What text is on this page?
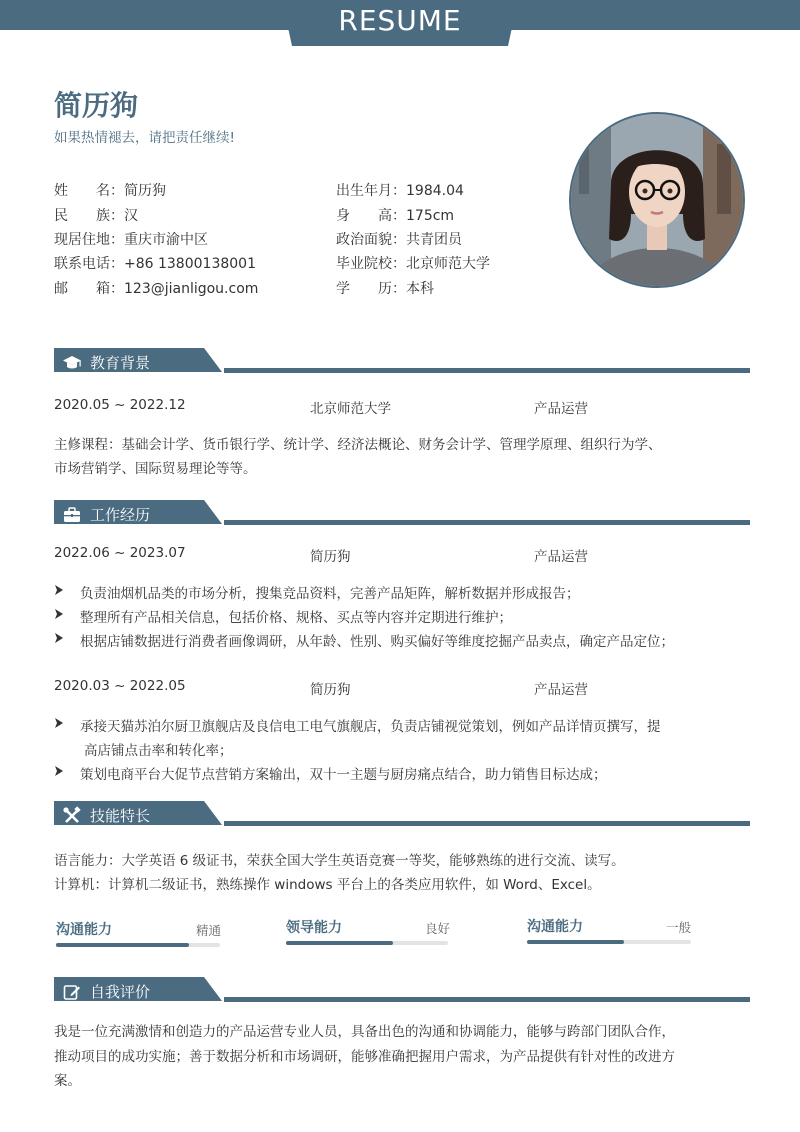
RESUME
简历狗
如果热情褪去，请把责任继续!
姓　　名：简历狗
民　　族：汉
现居住地：重庆市渝中区
联系电话：+86 13800138001
邮　　箱：123@jianligou.com
出生年月：1984.04
身　　高：175cm
政治面貌：共青团员
毕业院校：北京师范大学
学　　历：本科
教育背景
2020.05 ~ 2022.12	北京师范大学	产品运营
主修课程：基础会计学、货币银行学、统计学、经济法概论、财务会计学、管理学原理、组织行为学、
市场营销学、国际贸易理论等等。
工作经历
2022.06 ~ 2023.07	简历狗	产品运营
负责油烟机品类的市场分析，搜集竞品资料，完善产品矩阵，解析数据并形成报告；
整理所有产品相关信息，包括价格、规格、买点等内容并定期进行维护；
根据店铺数据进行消费者画像调研，从年龄、性别、购买偏好等维度挖掘产品卖点，确定产品定位；
2020.03 ~ 2022.05	简历狗	产品运营
承接天猫苏泊尔厨卫旗舰店及良信电工电气旗舰店，负责店铺视觉策划，例如产品详情页撰写，提
高店铺点击率和转化率；
策划电商平台大促节点营销方案输出，双十一主题与厨房痛点结合，助力销售目标达成；
技能特长
语言能力：大学英语 6 级证书，荣获全国大学生英语竞赛一等奖，能够熟练的进行交流、读写。
计算机：计算机二级证书，熟练操作 windows 平台上的各类应用软件，如 Word、Excel。
沟通能力	精通	领导能力	良好	沟通能力	一般
自我评价
我是一位充满激情和创造力的产品运营专业人员，具备出色的沟通和协调能力，能够与跨部门团队合作，
推动项目的成功实施；善于数据分析和市场调研，能够准确把握用户需求，为产品提供有针对性的改进方
案。
